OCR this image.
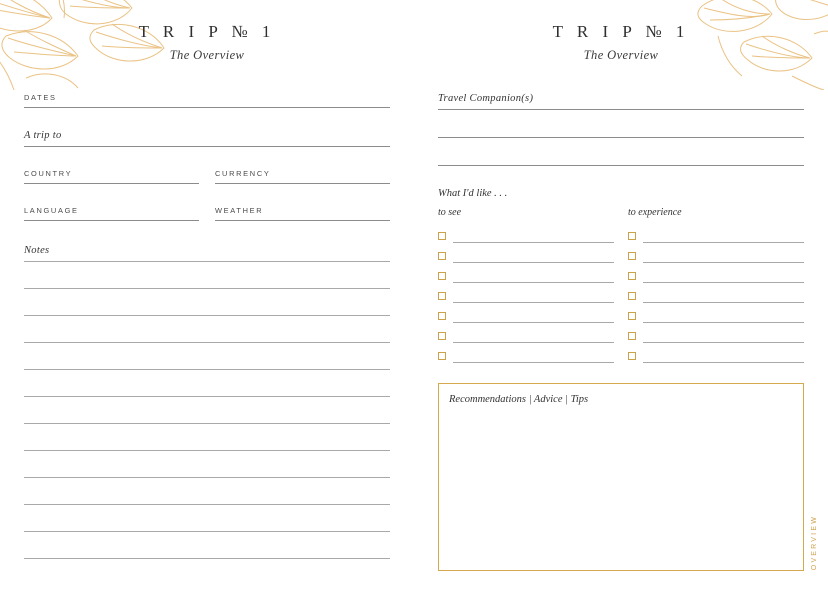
T R I P № 1
The Overview
DATES
A trip to
COUNTRY	CURRENCY
LANGUAGE	WEATHER
Notes
T R I P № 1
The Overview
Travel Companion(s)
What I'd like . . .
to see	to experience
Recommendations | Advice | Tips
OVERVIEW
